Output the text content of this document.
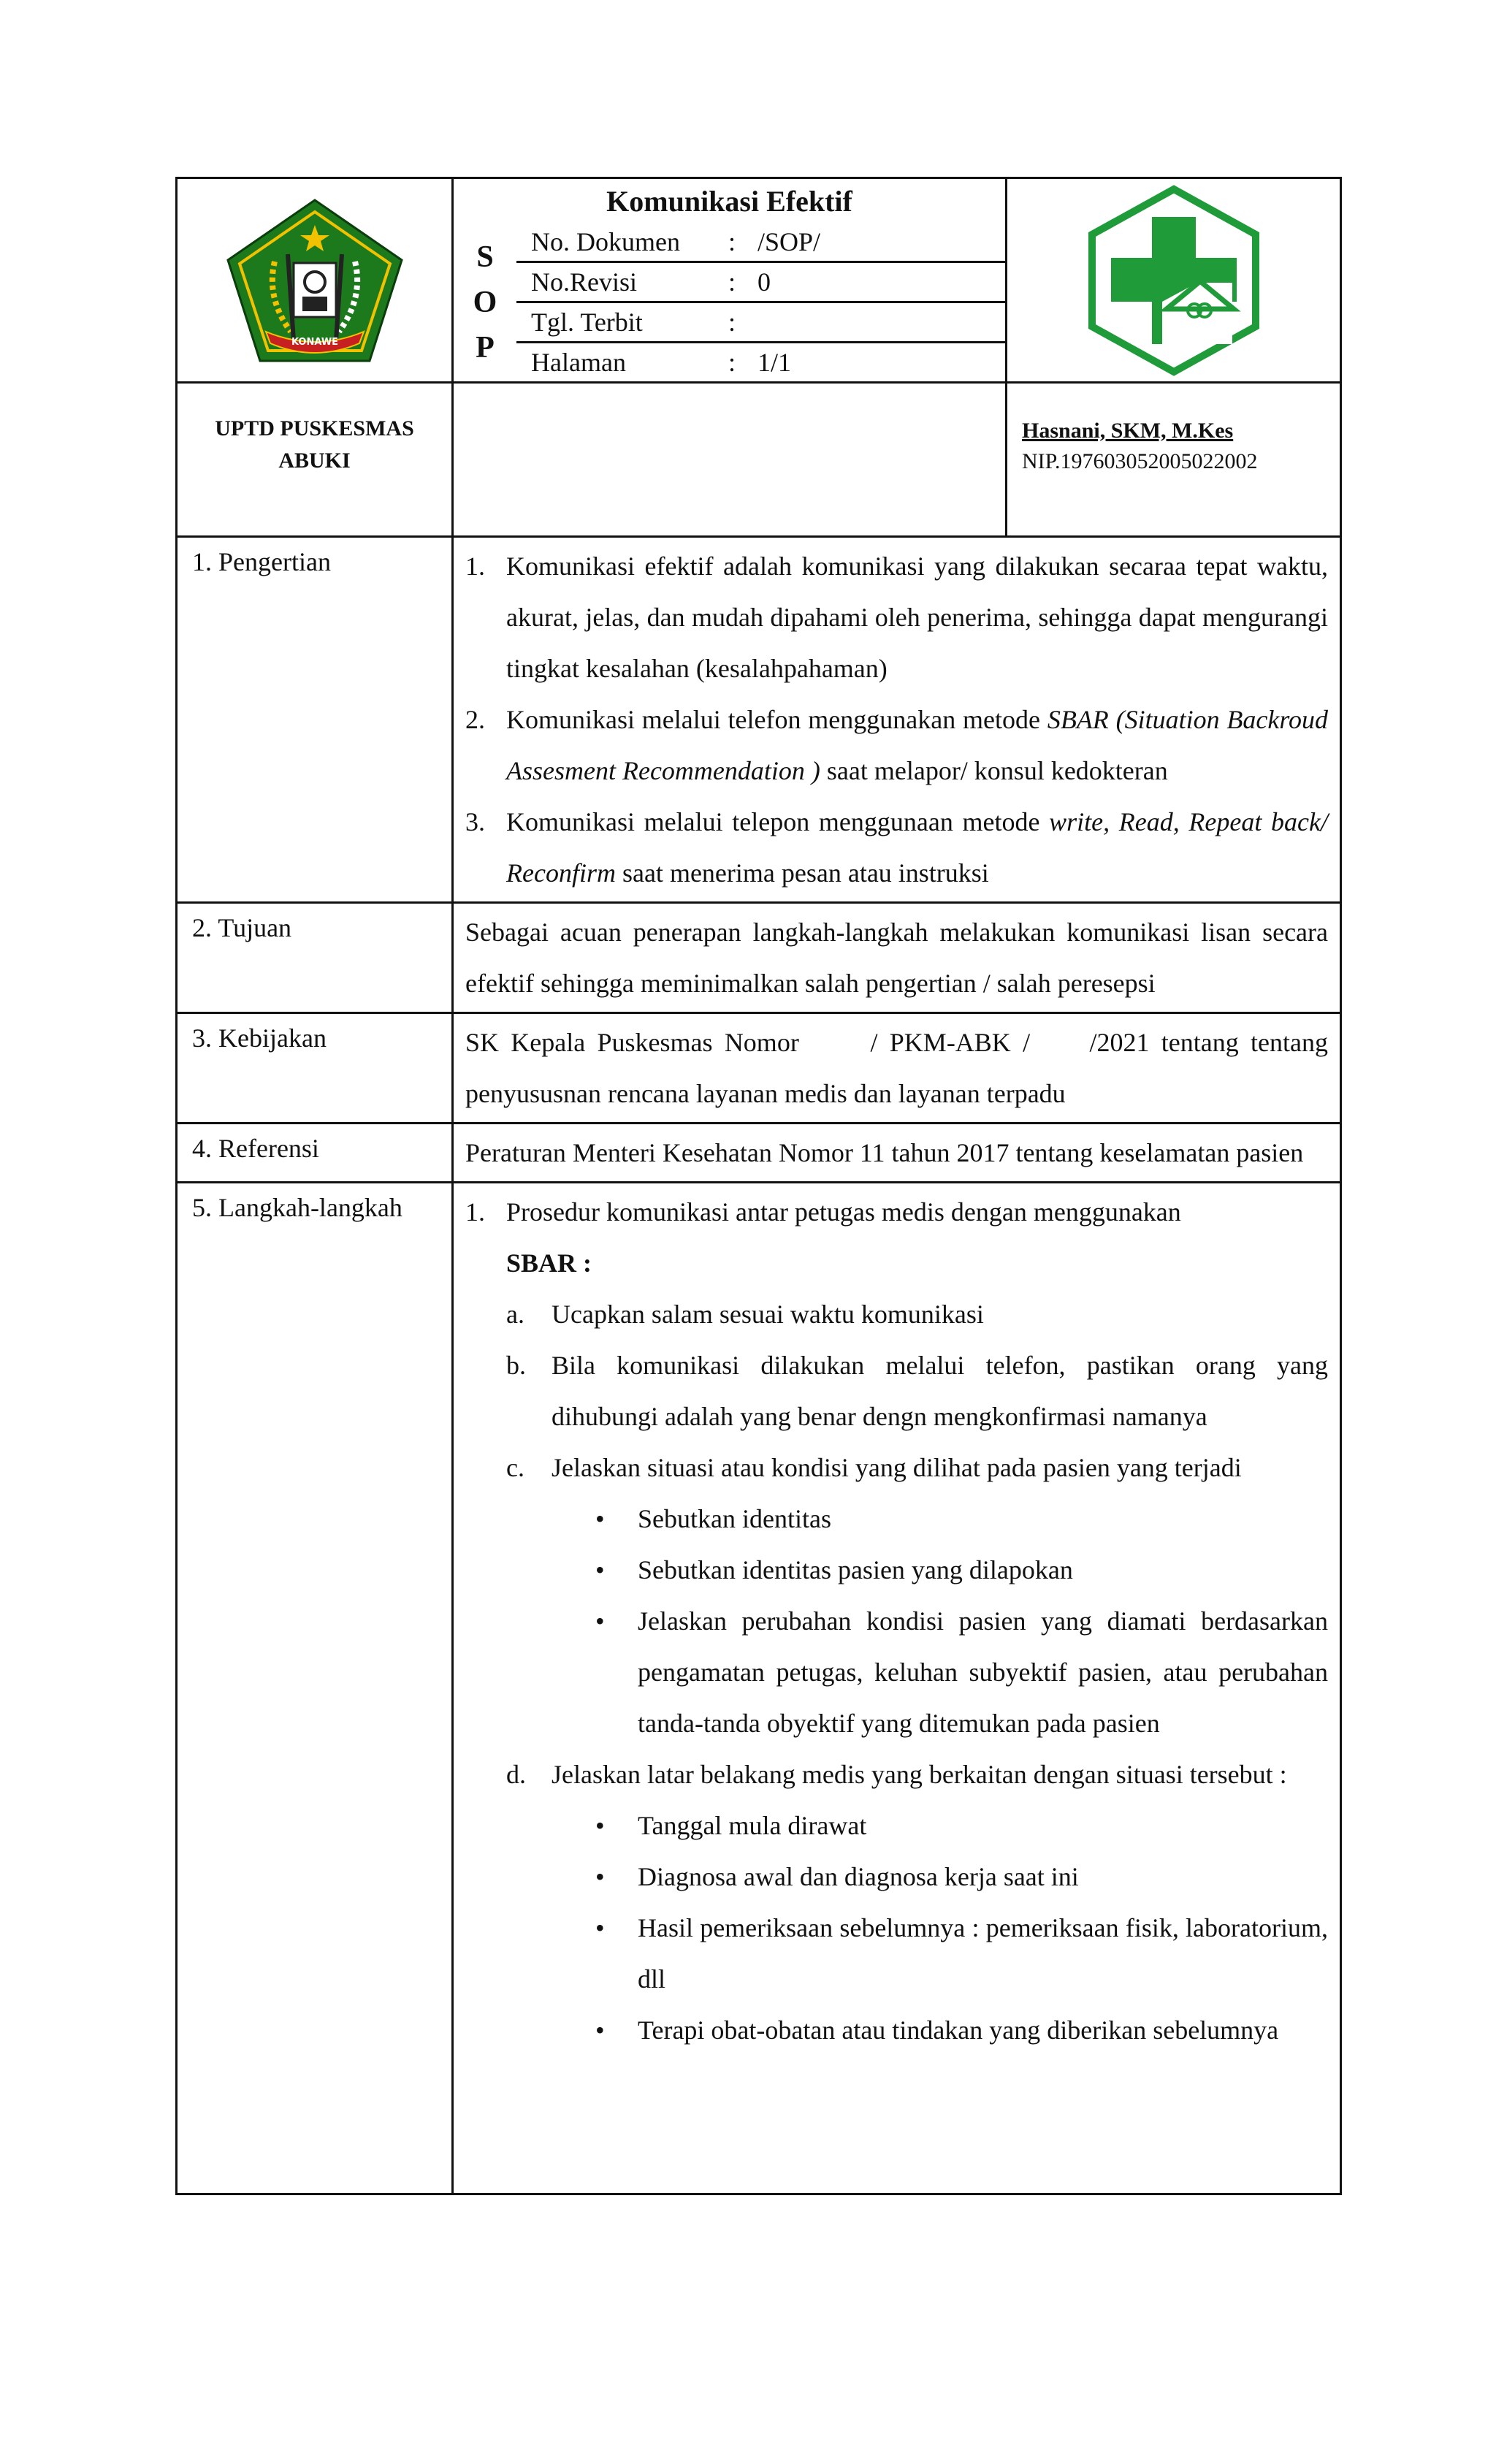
KONAWE

Komunikasi Efektif

S
O
P
	No. Dokumen : /SOP/
No.Revisi	: 0
Tgl. Terbit	:
Halaman	: 1/1

UPTD PUSKESMAS
ABUKI

Hasnani, SKM, M.Kes
NIP.197603052005022002

1. Pengertian	1. Komunikasi efektif adalah komunikasi yang dilakukan secaraa tepat waktu, akurat, jelas, dan mudah dipahami oleh penerima, sehingga dapat mengurangi tingkat kesalahan (kesalahpahaman)
2. Komunikasi melalui telefon menggunakan metode SBAR (Situation Backroud Assesment Recommendation ) saat melapor/ konsul kedokteran
3. Komunikasi melalui telepon menggunaan metode write, Read, Repeat back/ Reconfirm saat menerima pesan atau instruksi

2. Tujuan	Sebagai acuan penerapan langkah-langkah melakukan komunikasi lisan secara efektif sehingga meminimalkan salah pengertian / salah peresepsi
3. Kebijakan	SK Kepala Puskesmas Nomor      / PKM-ABK /     /2021 tentang tentang penyususnan rencana layanan medis dan layanan terpadu
4. Referensi	Peraturan Menteri Kesehatan Nomor 11 tahun 2017 tentang keselamatan pasien
5. Langkah-langkah	1. Prosedur komunikasi antar petugas medis dengan menggunakan
SBAR :
a. Ucapkan salam sesuai waktu komunikasi
b. Bila komunikasi dilakukan melalui telefon, pastikan orang yang dihubungi adalah yang benar dengn mengkonfirmasi namanya
c. Jelaskan situasi atau kondisi yang dilihat pada pasien yang terjadi
• Sebutkan identitas
• Sebutkan identitas pasien yang dilapokan
• Jelaskan perubahan kondisi pasien yang diamati berdasarkan pengamatan petugas, keluhan subyektif pasien, atau perubahan tanda-tanda obyektif yang ditemukan pada pasien
d. Jelaskan latar belakang medis yang berkaitan dengan situasi tersebut :
• Tanggal mula dirawat
• Diagnosa awal dan diagnosa kerja saat ini
• Hasil pemeriksaan sebelumnya : pemeriksaan fisik, laboratorium, dll
• Terapi obat-obatan atau tindakan yang diberikan sebelumnya
